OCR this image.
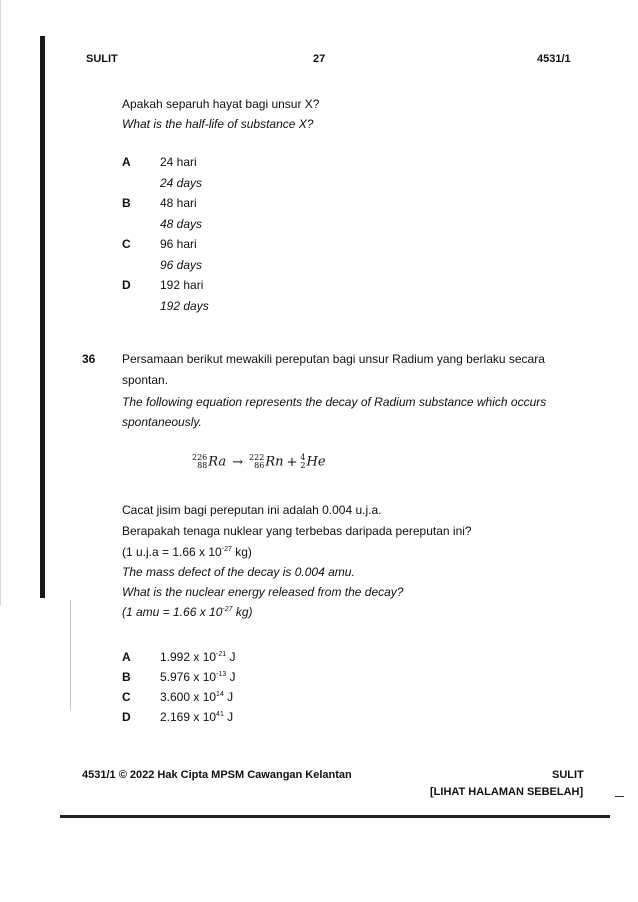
SULIT	27	4531/1
Apakah separuh hayat bagi unsur X?
What is the half-life of substance X?
A 24 hari
24 days
B 48 hari
48 days
C 96 hari
96 days
D 192 hari
192 days
36 Persamaan berikut mewakili pereputan bagi unsur Radium yang berlaku secara
spontan.
The following equation represents the decay of Radium substance which occurs
spontaneously.
226
88 Ra → 222
86 Rn + 4
2 He
Cacat jisim bagi pereputan ini adalah 0.004 u.j.a.
Berapakah tenaga nuklear yang terbebas daripada pereputan ini?
(1 u.j.a = 1.66 x $10^{-27}$ kg)
The mass defect of the decay is 0.004 amu.
What is the nuclear energy released from the decay?
(1 amu = 1.66 x $10^{-27}$ kg)
A 1.992 x $10^{-21}$ J
B 5.976 x $10^{-13}$ J
C 3.600 x $10^{14}$ J
D 2.169 x $10^{41}$ J
4531/1 © 2022 Hak Cipta MPSM Cawangan Kelantan	SULIT
[LIHAT HALAMAN SEBELAH]
